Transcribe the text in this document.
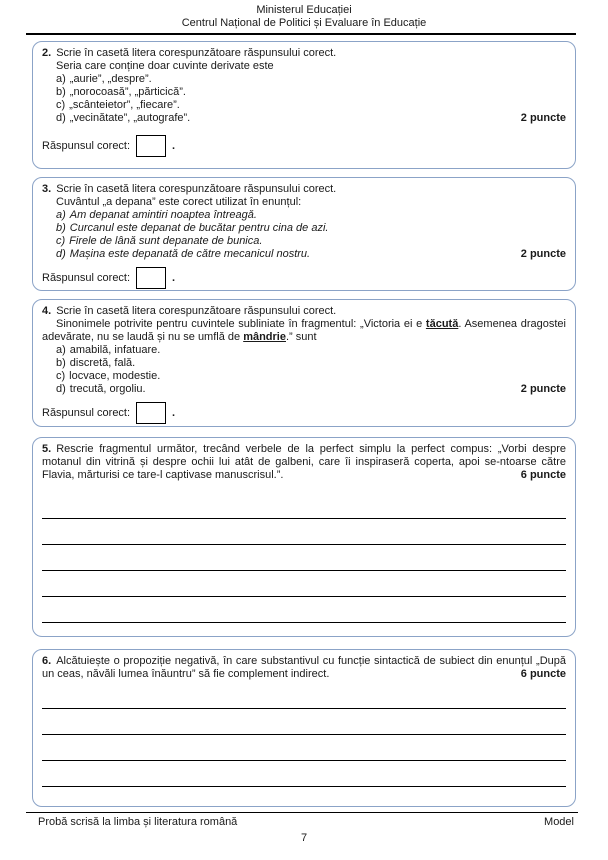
Ministerul Educației
Centrul Național de Politici și Evaluare în Educație

2. Scrie în casetă litera corespunzătoare răspunsului corect.

Seria care conține doar cuvinte derivate este

a) „aurie”, „despre”.
b) „norocoasă”, „părticică”.
c) „scânteietor”, „fiecare”.
2 puncte
d) „vecinătate”, „autografe”.
Răspunsul corect:	.

3. Scrie în casetă litera corespunzătoare răspunsului corect.

Cuvântul „a depana” este corect utilizat în enunțul:

a) Am depanat amintiri noaptea întreagă.
b) Curcanul este depanat de bucătar pentru cina de azi.
c) Firele de lână sunt depanate de bunica.
2 puncte
d) Mașina este depanată de către mecanicul nostru.
Răspunsul corect:	.

4. Scrie în casetă litera corespunzătoare răspunsului corect.

Sinonimele potrivite pentru cuvintele subliniate în fragmentul: „Victoria ei e tăcută. Asemenea dragostei adevărate, nu se laudă și nu se umflă de mândrie.” sunt

a) amabilă, infatuare.
b) discretă, fală.
c) locvace, modestie.
2 puncte
d) trecută, orgoliu.
Răspunsul corect:	.

5. Rescrie fragmentul următor, trecând verbele de la perfect simplu la perfect compus: „Vorbi despre motanul din vitrină și despre ochii lui atât de galbeni, care îi inspiraseră coperta, apoi se-ntoarse către Flavia, mărturisi ce tare-l captivase manuscrisul.”.	6 puncte

6. Alcătuiește o propoziție negativă, în care substantivul cu funcție sintactică de subiect din enunțul „După un ceas, năvăli lumea înăuntru” să fie complement indirect.	6 puncte

Probă scrisă la limba și literatura română	Model
7
